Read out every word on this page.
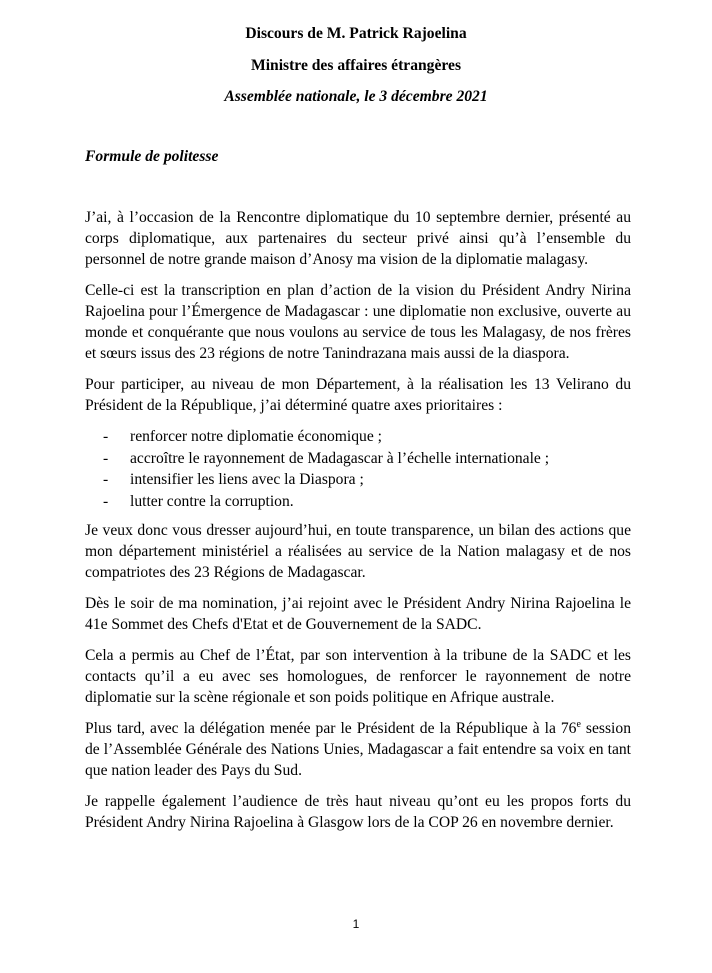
Discours de M. Patrick Rajoelina
Ministre des affaires étrangères
Assemblée nationale, le 3 décembre 2021
Formule de politesse

J’ai, à l’occasion de la Rencontre diplomatique du 10 septembre dernier, présenté au corps diplomatique, aux partenaires du secteur privé ainsi qu’à l’ensemble du personnel de notre grande maison d’Anosy ma vision de la diplomatie malagasy.

Celle-ci est la transcription en plan d’action de la vision du Président Andry Nirina Rajoelina pour l’Émergence de Madagascar : une diplomatie non exclusive, ouverte au monde et conquérante que nous voulons au service de tous les Malagasy, de nos frères et sœurs issus des 23 régions de notre Tanindrazana mais aussi de la diaspora.

Pour participer, au niveau de mon Département, à la réalisation les 13 Velirano du Président de la République, j’ai déterminé quatre axes prioritaires :

- renforcer notre diplomatie économique ;
- accroître le rayonnement de Madagascar à l’échelle internationale ;
- intensifier les liens avec la Diaspora ;
- lutter contre la corruption.

Je veux donc vous dresser aujourd’hui, en toute transparence, un bilan des actions que mon département ministériel a réalisées au service de la Nation malagasy et de nos compatriotes des 23 Régions de Madagascar.

Dès le soir de ma nomination, j’ai rejoint avec le Président Andry Nirina Rajoelina le 41e Sommet des Chefs d'Etat et de Gouvernement de la SADC.

Cela a permis au Chef de l’État, par son intervention à la tribune de la SADC et les contacts qu’il a eu avec ses homologues, de renforcer le rayonnement de notre diplomatie sur la scène régionale et son poids politique en Afrique australe.

Plus tard, avec la délégation menée par le Président de la République à la 76e session de l’Assemblée Générale des Nations Unies, Madagascar a fait entendre sa voix en tant que nation leader des Pays du Sud.

Je rappelle également l’audience de très haut niveau qu’ont eu les propos forts du Président Andry Nirina Rajoelina à Glasgow lors de la COP 26 en novembre dernier.

1
